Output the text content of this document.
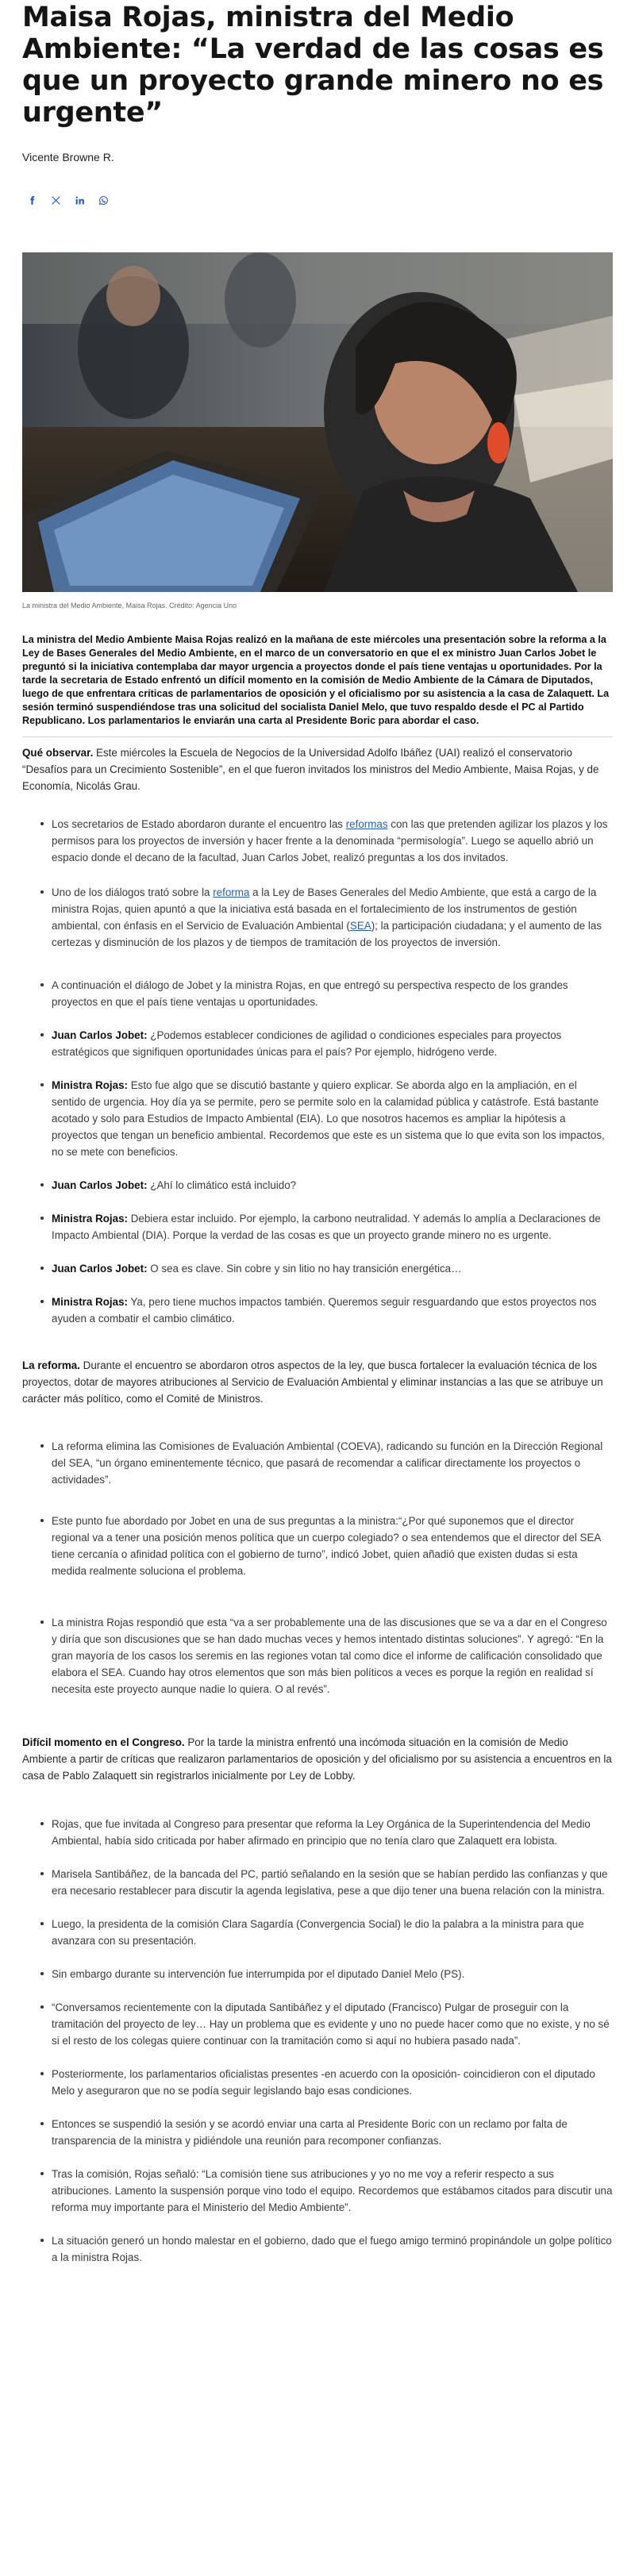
Maisa Rojas, ministra del Medio Ambiente: “La verdad de las cosas es que un proyecto grande minero no es urgente”
Vicente Browne R.

La ministra del Medio Ambiente, Maisa Rojas. Crédito: Agencia Uno

La ministra del Medio Ambiente Maisa Rojas realizó en la mañana de este miércoles una presentación sobre la reforma a la Ley de Bases Generales del Medio Ambiente, en el marco de un conversatorio en que el ex ministro Juan Carlos Jobet le preguntó si la iniciativa contemplaba dar mayor urgencia a proyectos donde el país tiene ventajas u oportunidades. Por la tarde la secretaria de Estado enfrentó un difícil momento en la comisión de Medio Ambiente de la Cámara de Diputados, luego de que enfrentara críticas de parlamentarios de oposición y el oficialismo por su asistencia a la casa de Zalaquett. La sesión terminó suspendiéndose tras una solicitud del socialista Daniel Melo, que tuvo respaldo desde el PC al Partido Republicano. Los parlamentarios le enviarán una carta al Presidente Boric para abordar el caso.

Qué observar. Este miércoles la Escuela de Negocios de la Universidad Adolfo Ibáñez (UAI) realizó el conservatorio “Desafíos para un Crecimiento Sostenible”, en el que fueron invitados los ministros del Medio Ambiente, Maisa Rojas, y de Economía, Nicolás Grau.

Los secretarios de Estado abordaron durante el encuentro las reformas con las que pretenden agilizar los plazos y los permisos para los proyectos de inversión y hacer frente a la denominada “permisología”. Luego se aquello abrió un espacio donde el decano de la facultad, Juan Carlos Jobet, realizó preguntas a los dos invitados.
Uno de los diálogos trató sobre la reforma a la Ley de Bases Generales del Medio Ambiente, que está a cargo de la ministra Rojas, quien apuntó a que la iniciativa está basada en el fortalecimiento de los instrumentos de gestión ambiental, con énfasis en el Servicio de Evaluación Ambiental (SEA); la participación ciudadana; y el aumento de las certezas y disminución de los plazos y de tiempos de tramitación de los proyectos de inversión.
A continuación el diálogo de Jobet y la ministra Rojas, en que entregó su perspectiva respecto de los grandes proyectos en que el país tiene ventajas u oportunidades.
Juan Carlos Jobet: ¿Podemos establecer condiciones de agilidad o condiciones especiales para proyectos estratégicos que signifiquen oportunidades únicas para el país? Por ejemplo, hidrógeno verde.
Ministra Rojas: Esto fue algo que se discutió bastante y quiero explicar. Se aborda algo en la ampliación, en el sentido de urgencia. Hoy día ya se permite, pero se permite solo en la calamidad pública y catástrofe. Está bastante acotado y solo para Estudios de Impacto Ambiental (EIA). Lo que nosotros hacemos es ampliar la hipótesis a proyectos que tengan un beneficio ambiental. Recordemos que este es un sistema que lo que evita son los impactos, no se mete con beneficios.
Juan Carlos Jobet: ¿Ahí lo climático está incluido?
Ministra Rojas: Debiera estar incluido. Por ejemplo, la carbono neutralidad. Y además lo amplía a Declaraciones de Impacto Ambiental (DIA). Porque la verdad de las cosas es que un proyecto grande minero no es urgente.
Juan Carlos Jobet: O sea es clave. Sin cobre y sin litio no hay transición energética…
Ministra Rojas: Ya, pero tiene muchos impactos también. Queremos seguir resguardando que estos proyectos nos ayuden a combatir el cambio climático.

La reforma. Durante el encuentro se abordaron otros aspectos de la ley, que busca fortalecer la evaluación técnica de los proyectos, dotar de mayores atribuciones al Servicio de Evaluación Ambiental y eliminar instancias a las que se atribuye un carácter más político, como el Comité de Ministros.

La reforma elimina las Comisiones de Evaluación Ambiental (COEVA), radicando su función en la Dirección Regional del SEA, “un órgano eminentemente técnico, que pasará de recomendar a calificar directamente los proyectos o actividades”.
Este punto fue abordado por Jobet en una de sus preguntas a la ministra:“¿Por qué suponemos que el director regional va a tener una posición menos política que un cuerpo colegiado? o sea entendemos que el director del SEA tiene cercanía o afinidad política con el gobierno de turno”, indicó Jobet, quien añadió que existen dudas si esta medida realmente soluciona el problema.
La ministra Rojas respondió que esta “va a ser probablemente una de las discusiones que se va a dar en el Congreso y diría que son discusiones que se han dado muchas veces y hemos intentado distintas soluciones”. Y agregó: “En la gran mayoría de los casos los seremis en las regiones votan tal como dice el informe de calificación consolidado que elabora el SEA. Cuando hay otros elementos que son más bien políticos a veces es porque la región en realidad sí necesita este proyecto aunque nadie lo quiera. O al revés”.

Difícil momento en el Congreso. Por la tarde la ministra enfrentó una incómoda situación en la comisión de Medio Ambiente a partir de críticas que realizaron parlamentarios de oposición y del oficialismo por su asistencia a encuentros en la casa de Pablo Zalaquett sin registrarlos inicialmente por Ley de Lobby.

Rojas, que fue invitada al Congreso para presentar que reforma la Ley Orgánica de la Superintendencia del Medio Ambiental, había sido criticada por haber afirmado en principio que no tenía claro que Zalaquett era lobista.
Marisela Santibáñez, de la bancada del PC, partió señalando en la sesión que se habían perdido las confianzas y que era necesario restablecer para discutir la agenda legislativa, pese a que dijo tener una buena relación con la ministra.
Luego, la presidenta de la comisión Clara Sagardía (Convergencia Social) le dio la palabra a la ministra para que avanzara con su presentación.
Sin embargo durante su intervención fue interrumpida por el diputado Daniel Melo (PS).
“Conversamos recientemente con la diputada Santibáñez y el diputado (Francisco) Pulgar de proseguir con la tramitación del proyecto de ley… Hay un problema que es evidente y uno no puede hacer como que no existe, y no sé si el resto de los colegas quiere continuar con la tramitación como si aquí no hubiera pasado nada”.
Posteriormente, los parlamentarios oficialistas presentes -en acuerdo con la oposición- coincidieron con el diputado Melo y aseguraron que no se podía seguir legislando bajo esas condiciones.
Entonces se suspendió la sesión y se acordó enviar una carta al Presidente Boric con un reclamo por falta de transparencia de la ministra y pidiéndole una reunión para recomponer confianzas.
Tras la comisión, Rojas señaló: “La comisión tiene sus atribuciones y yo no me voy a referir respecto a sus atribuciones. Lamento la suspensión porque vino todo el equipo. Recordemos que estábamos citados para discutir una reforma muy importante para el Ministerio del Medio Ambiente”.
La situación generó un hondo malestar en el gobierno, dado que el fuego amigo terminó propinándole un golpe político a la ministra Rojas.
